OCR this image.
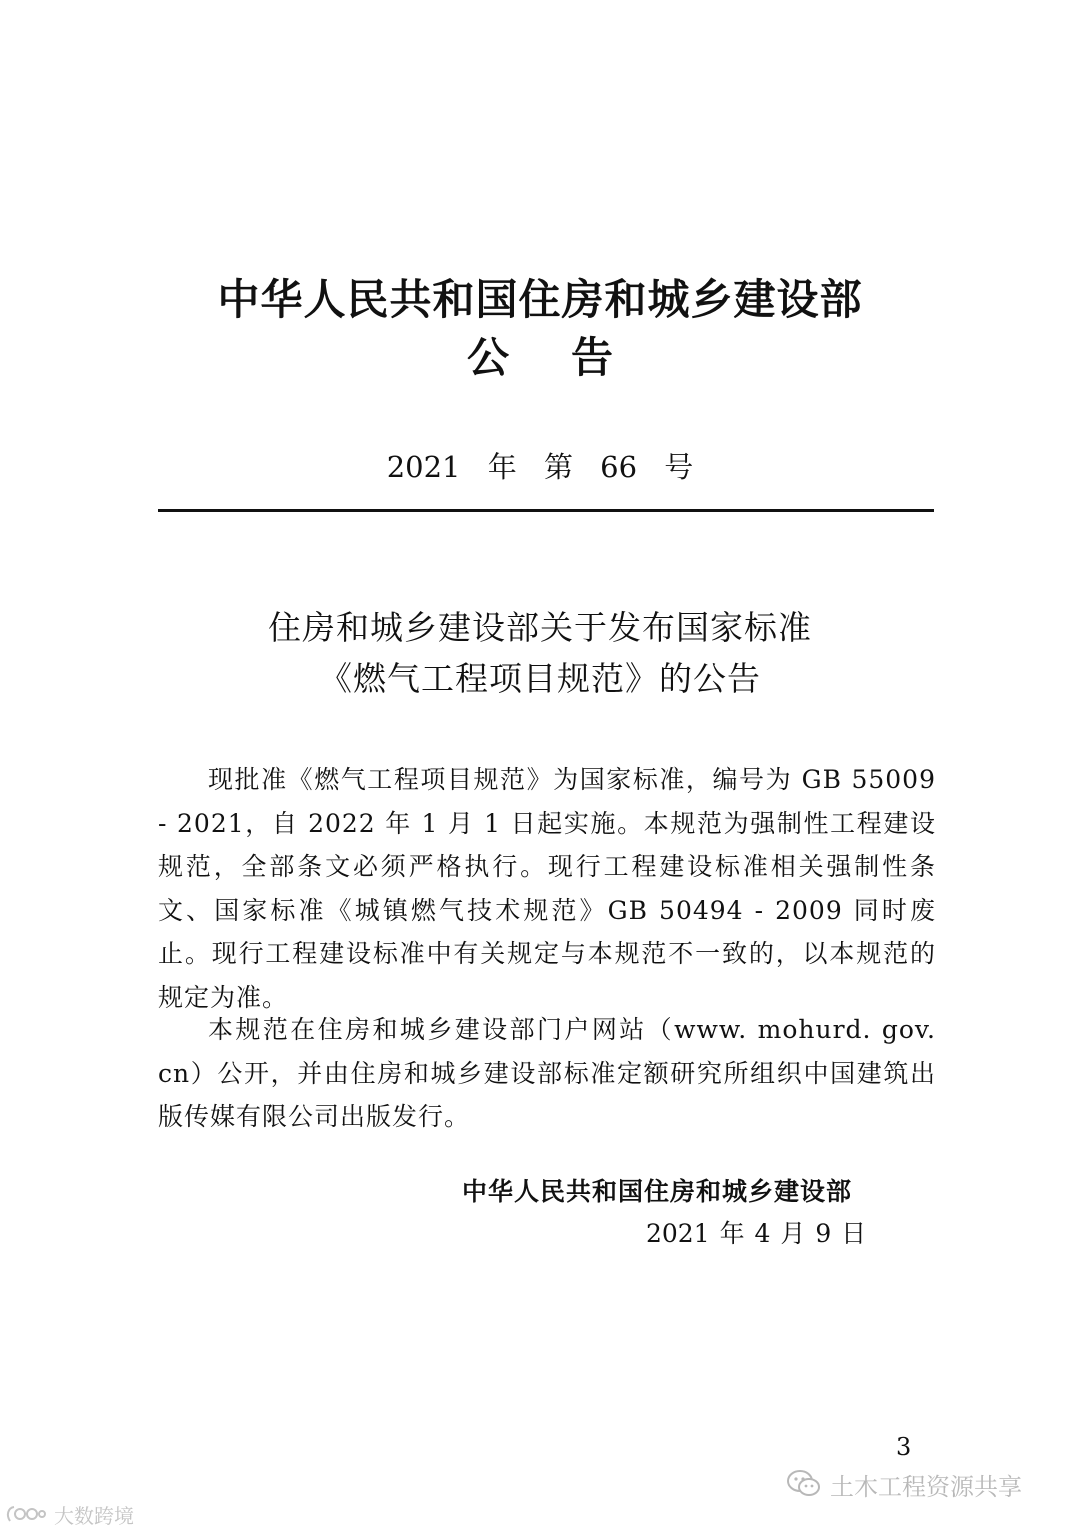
中华人民共和国住房和城乡建设部
公告
2021 年 第 66 号
住房和城乡建设部关于发布国家标准
《燃气工程项目规范》的公告

现批准《燃气工程项目规范》为国家标准，编号为 GB 55009 - 2021，自 2022 年 1 月 1 日起实施。本规范为强制性工程建设规范，全部条文必须严格执行。现行工程建设标准相关强制性条文、国家标准《城镇燃气技术规范》GB 50494 - 2009 同时废止。现行工程建设标准中有关规定与本规范不一致的，以本规范的规定为准。

本规范在住房和城乡建设部门户网站（www. mohurd. gov. cn）公开，并由住房和城乡建设部标准定额研究所组织中国建筑出版传媒有限公司出版发行。

中华人民共和国住房和城乡建设部
2021 年 4 月 9 日
3
土木工程资源共享
大数跨境
